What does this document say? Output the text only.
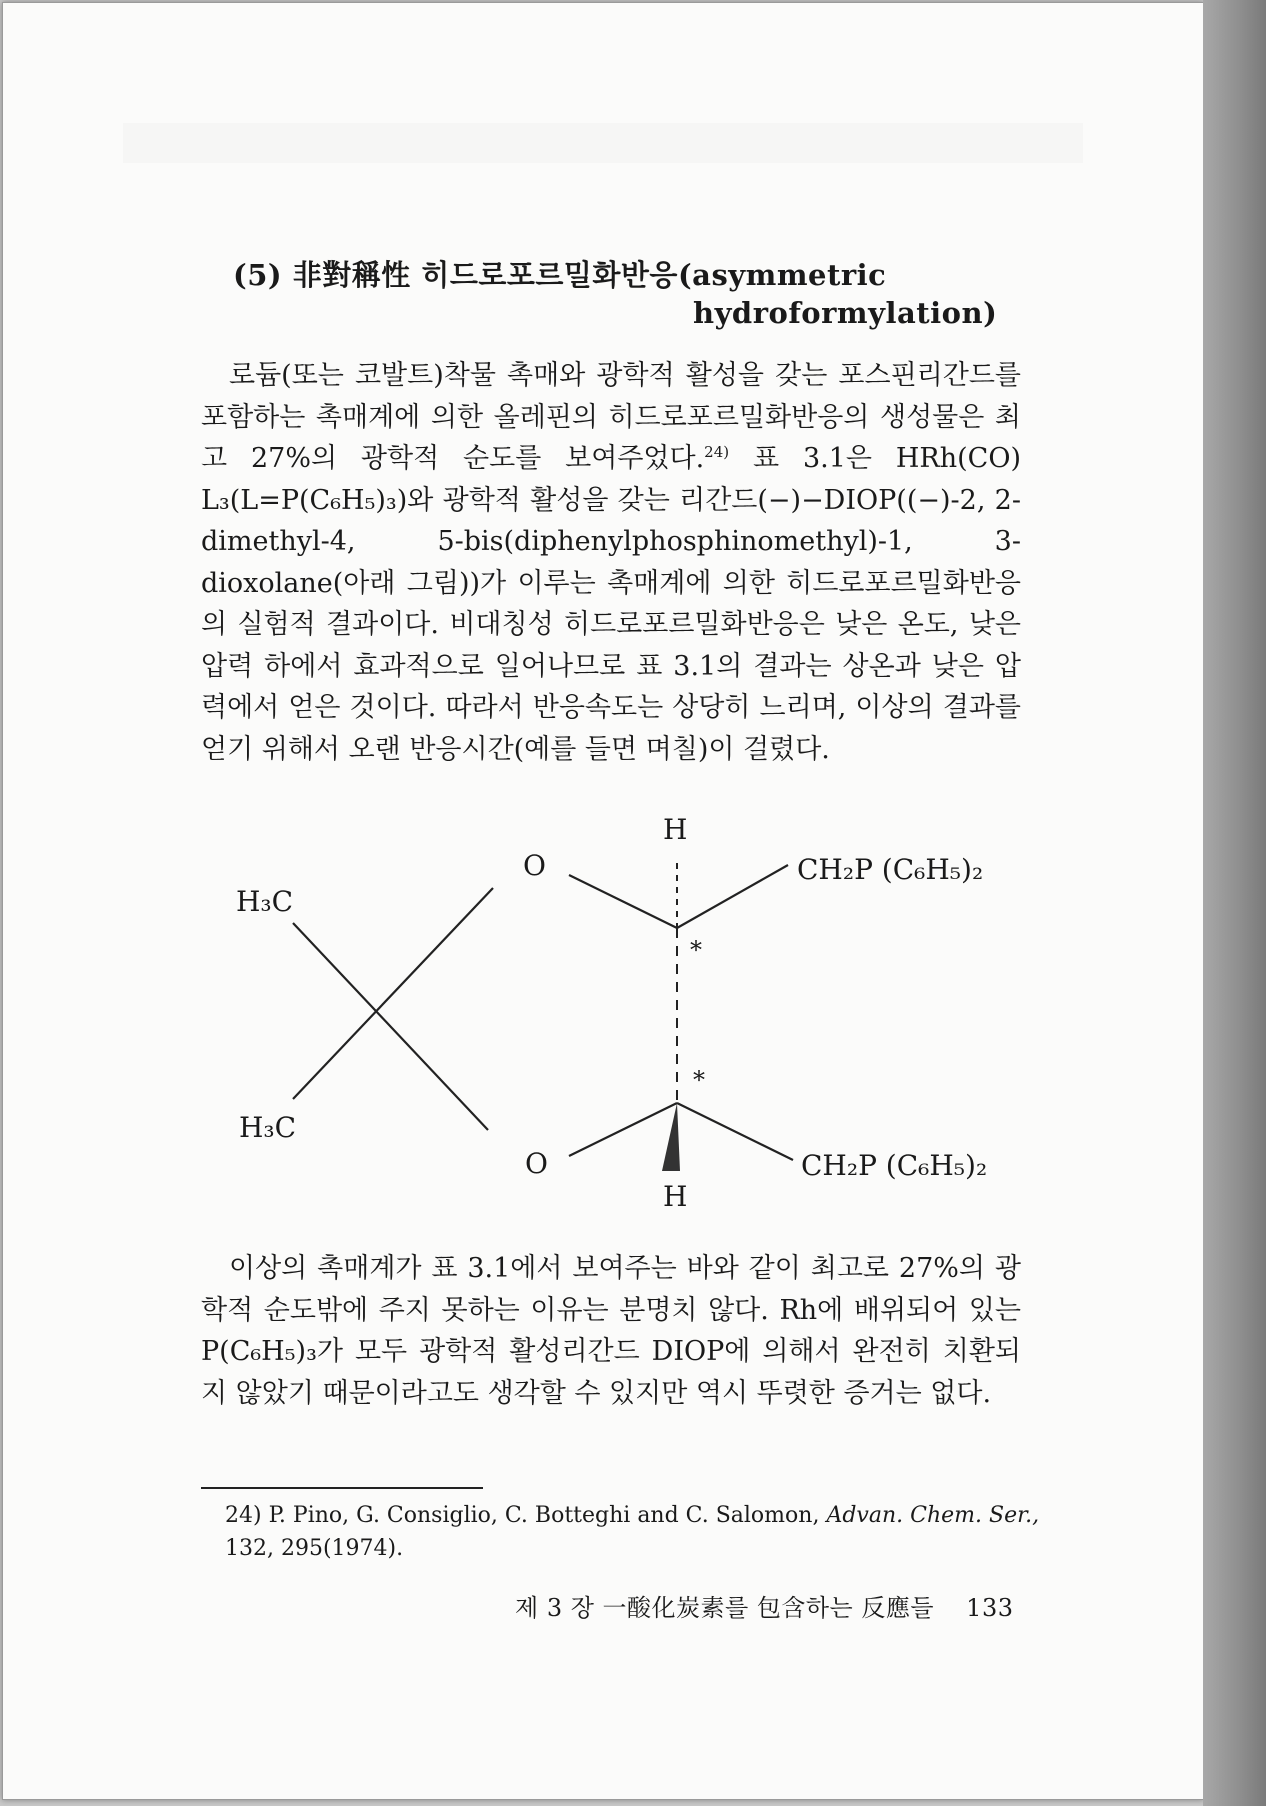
(5) 非對稱性 히드로포르밀화반응(asymmetric
hydroformylation)
로듐(또는 코발트)착물 촉매와 광학적 활성을 갖는 포스핀리간드를 포함하는 촉매계에 의한 올레핀의 히드로포르밀화반응의 생성물은 최고 27%의 광학적 순도를 보여주었다.$^{24)}$ 표 3.1은 HRh(CO) L₃(L=P(C₆H₅)₃)와 광학적 활성을 갖는 리간드(−)−DIOP((−)-2, 2-dimethyl-4, 5-bis(diphenylphosphinomethyl)-1, 3-dioxolane(아래 그림))가 이루는 촉매계에 의한 히드로포르밀화반응의 실험적 결과이다. 비대칭성 히드로포르밀화반응은 낮은 온도, 낮은 압력 하에서 효과적으로 일어나므로 표 3.1의 결과는 상온과 낮은 압력에서 얻은 것이다. 따라서 반응속도는 상당히 느리며, 이상의 결과를 얻기 위해서 오랜 반응시간(예를 들면 며칠)이 걸렸다.
H₃C
H₃C
O
O
H
H
CH₂P (C₆H₅)₂
CH₂P (C₆H₅)₂
*
*
이상의 촉매계가 표 3.1에서 보여주는 바와 같이 최고로 27%의 광학적 순도밖에 주지 못하는 이유는 분명치 않다. Rh에 배위되어 있는 P(C₆H₅)₃가 모두 광학적 활성리간드 DIOP에 의해서 완전히 치환되지 않았기 때문이라고도 생각할 수 있지만 역시 뚜렷한 증거는 없다.
24) P. Pino, G. Consiglio, C. Botteghi and C. Salomon, Advan. Chem. Ser., 132, 295(1974).
제 3 장 一酸化炭素를 包含하는 反應들 133
